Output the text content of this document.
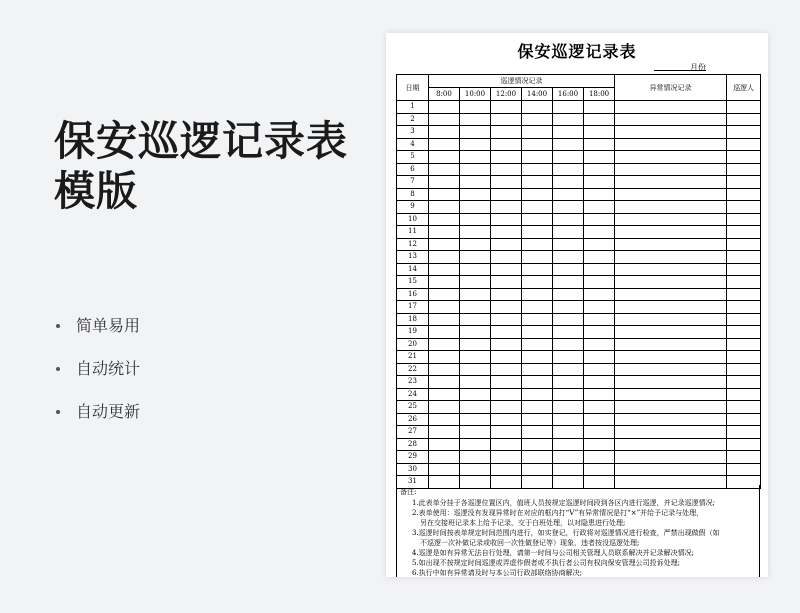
保安巡逻记录表
模版
简单易用
自动统计
自动更新
保安巡逻记录表
月份
日期	巡逻情况记录						异常情况记录	巡逻人
	8:00	10:00	12:00	14:00	16:00	18:00		
1								
2								
3								
4								
5								
6								
7								
8								
9								
10								
11								
12								
13								
14								
15								
16								
17								
18								
19								
20								
21								
22								
23								
24								
25								
26								
27								
28								
29								
30								
31								
备注:
1.此表单分挂于各巡逻位置区内，值班人员按规定巡逻时间段到各区内进行巡逻，并记录巡逻情况;
2.表单使用：巡逻没有发现异常时在对应的框内打“V”有异常情况是打“×”并给予记录与处理，
另在交接班记录本上给予记录，交于白班处理，以对隐患进行处理;
3.巡逻时间按表单规定时间范围内进行，如实登记，行政将对巡逻情况进行检查，严禁出现做假（如
不巡逻一次补做记录或收回一次性做登记等）现象，违者按没巡逻处理;
4.巡逻是如有异常无法自行处理，请第一时间与公司相关管理人员联系解决并记录解决情况;
5.如出现不按规定时间巡逻或弄虚作假者或不执行者公司有权向保安管理公司投诉处理;
6.执行中如有异常请及时与本公司行政部联络协商解决;
